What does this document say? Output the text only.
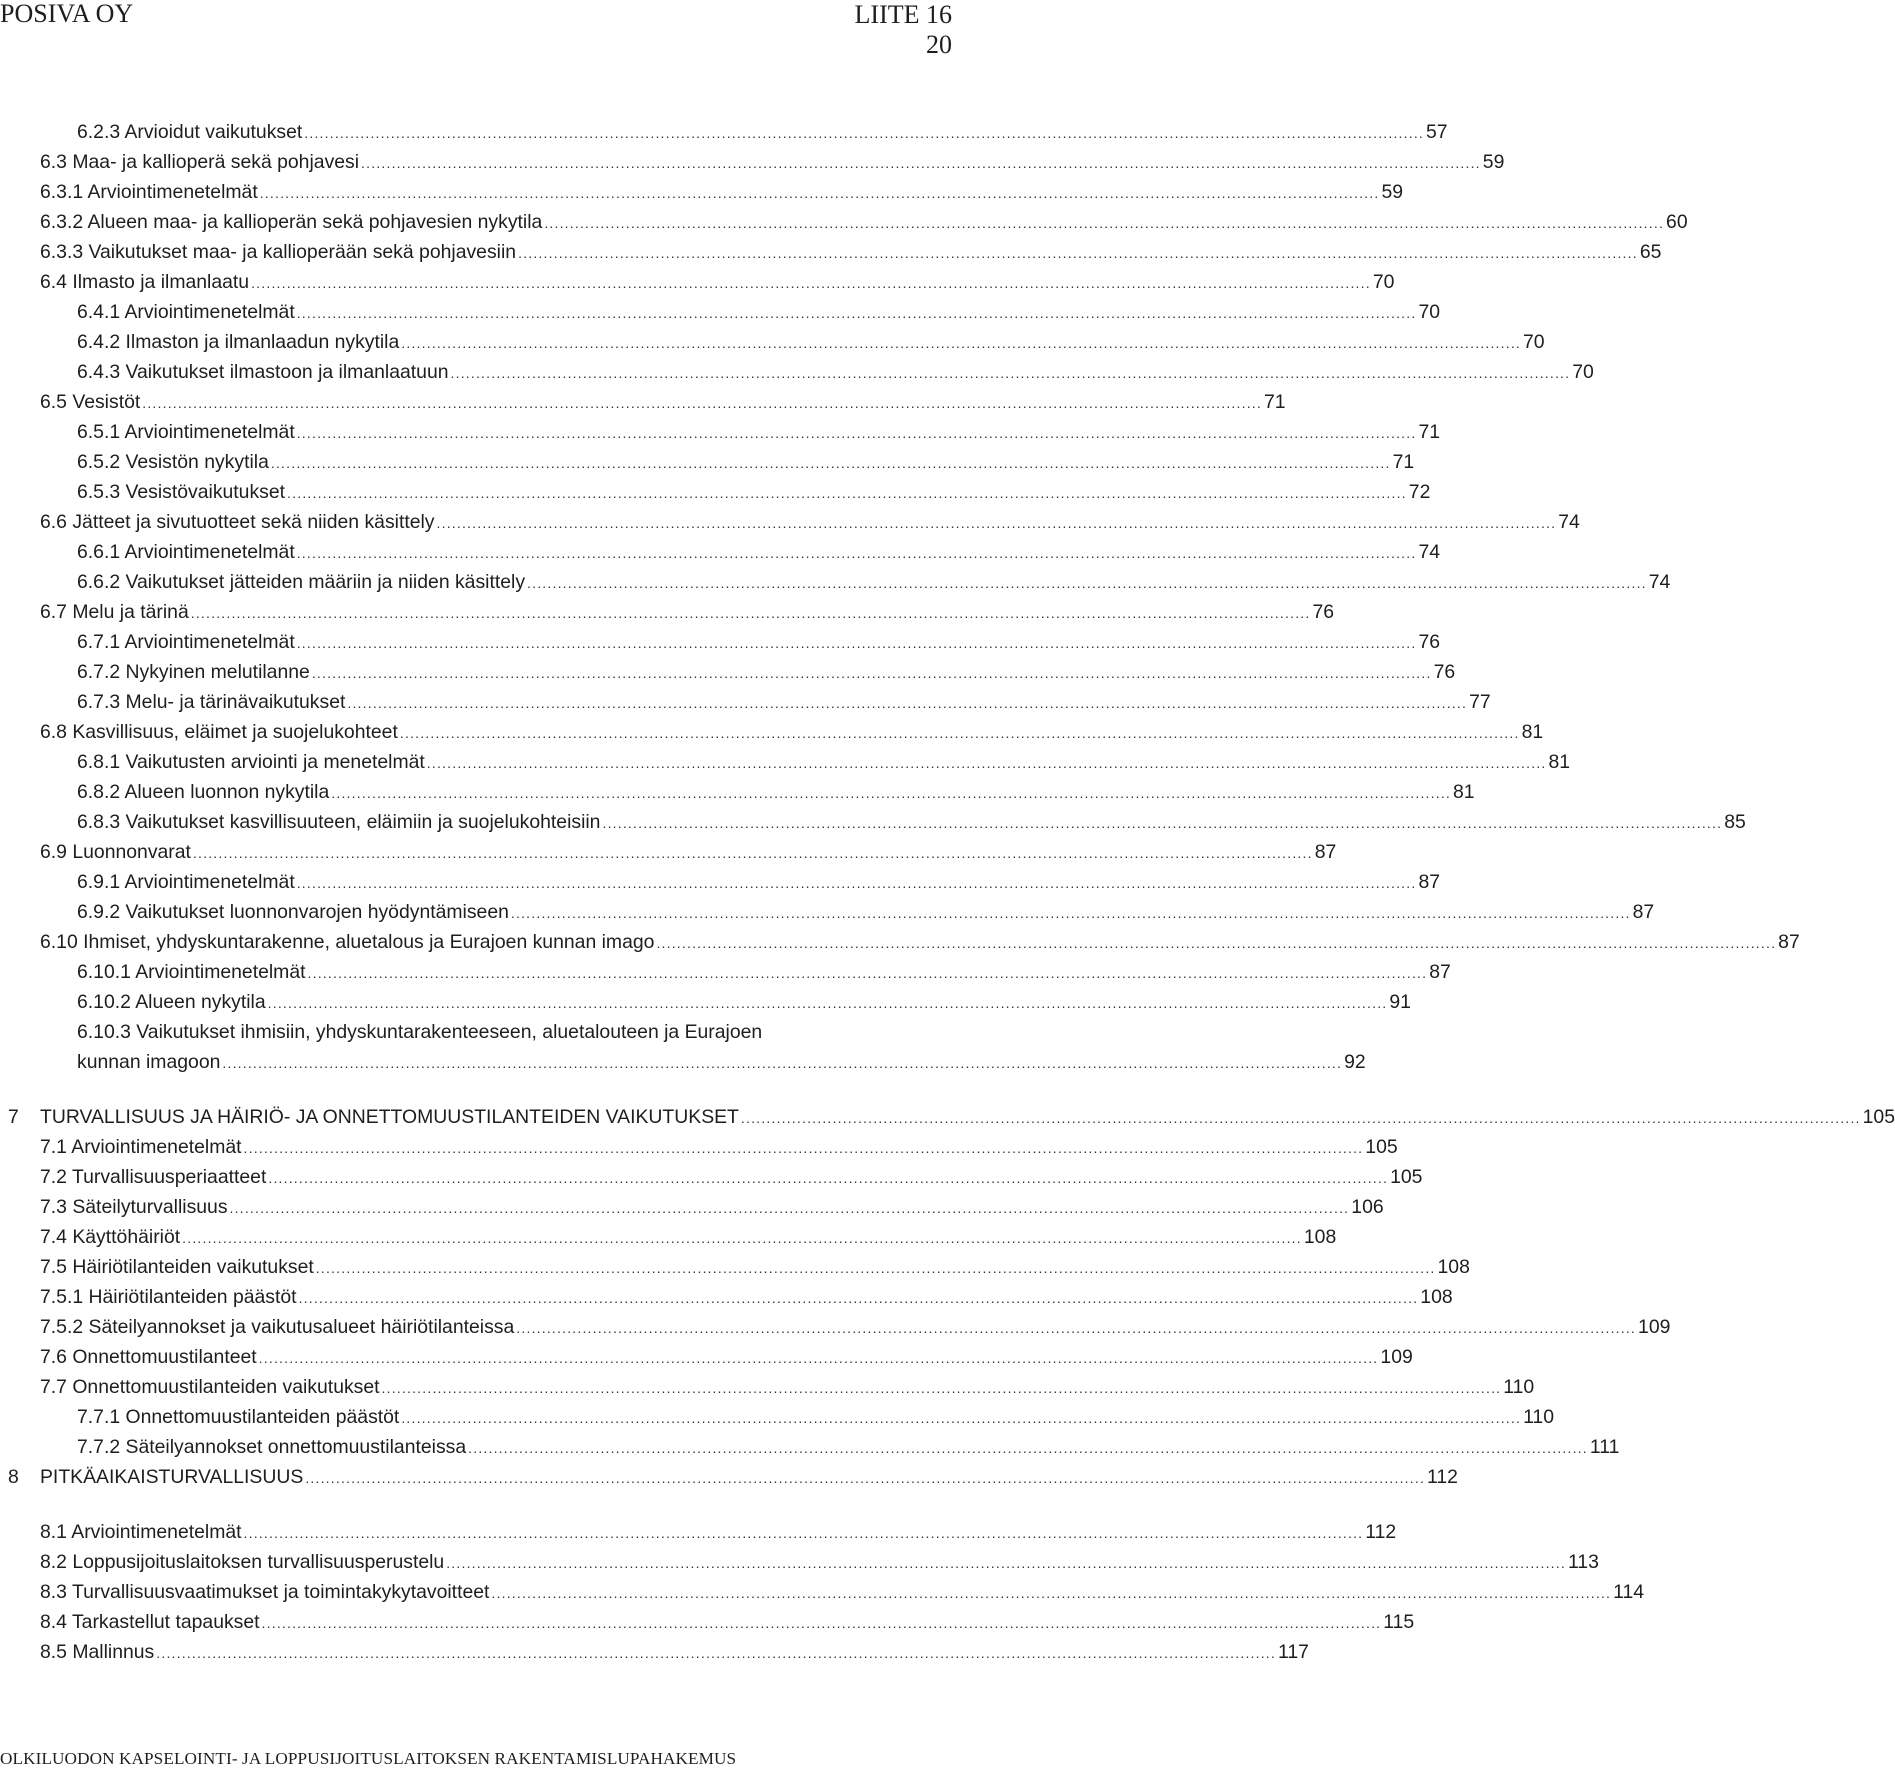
POSIVA OY	LIITE 16
20
6.2.3 Arvioidut vaikutukset ............................................................................................................................................................................................................................ 57
6.3 Maa- ja kallioperä sekä pohjavesi ............................................................................................................................................................................................................................ 59
6.3.1 Arviointimenetelmät ............................................................................................................................................................................................................................ 59
6.3.2 Alueen maa- ja kallioperän sekä pohjavesien nykytila ............................................................................................................................................................................................................................ 60
6.3.3 Vaikutukset maa- ja kallioperään sekä pohjavesiin ............................................................................................................................................................................................................................ 65
6.4 Ilmasto ja ilmanlaatu ............................................................................................................................................................................................................................ 70
6.4.1 Arviointimenetelmät ............................................................................................................................................................................................................................ 70
6.4.2 Ilmaston ja ilmanlaadun nykytila ............................................................................................................................................................................................................................ 70
6.4.3 Vaikutukset ilmastoon ja ilmanlaatuun ............................................................................................................................................................................................................................ 70
6.5 Vesistöt ............................................................................................................................................................................................................................ 71
6.5.1 Arviointimenetelmät ............................................................................................................................................................................................................................ 71
6.5.2 Vesistön nykytila ............................................................................................................................................................................................................................ 71
6.5.3 Vesistövaikutukset ............................................................................................................................................................................................................................ 72
6.6 Jätteet ja sivutuotteet sekä niiden käsittely ............................................................................................................................................................................................................................ 74
6.6.1 Arviointimenetelmät ............................................................................................................................................................................................................................ 74
6.6.2 Vaikutukset jätteiden määriin ja niiden käsittely ............................................................................................................................................................................................................................ 74
6.7 Melu ja tärinä ............................................................................................................................................................................................................................ 76
6.7.1 Arviointimenetelmät ............................................................................................................................................................................................................................ 76
6.7.2 Nykyinen melutilanne ............................................................................................................................................................................................................................ 76
6.7.3 Melu- ja tärinävaikutukset ............................................................................................................................................................................................................................ 77
6.8 Kasvillisuus, eläimet ja suojelukohteet ............................................................................................................................................................................................................................ 81
6.8.1 Vaikutusten arviointi ja menetelmät ............................................................................................................................................................................................................................ 81
6.8.2 Alueen luonnon nykytila ............................................................................................................................................................................................................................ 81
6.8.3 Vaikutukset kasvillisuuteen, eläimiin ja suojelukohteisiin ............................................................................................................................................................................................................................ 85
6.9 Luonnonvarat ............................................................................................................................................................................................................................ 87
6.9.1 Arviointimenetelmät ............................................................................................................................................................................................................................ 87
6.9.2 Vaikutukset luonnonvarojen hyödyntämiseen ............................................................................................................................................................................................................................ 87
6.10 Ihmiset, yhdyskuntarakenne, aluetalous ja Eurajoen kunnan imago ............................................................................................................................................................................................................................ 87
6.10.1 Arviointimenetelmät ............................................................................................................................................................................................................................ 87
6.10.2 Alueen nykytila ............................................................................................................................................................................................................................ 91
6.10.3 Vaikutukset ihmisiin, yhdyskuntarakenteeseen, aluetalouteen ja Eurajoen
kunnan imagoon ............................................................................................................................................................................................................................ 92
7 TURVALLISUUS JA HÄIRIÖ- JA ONNETTOMUUSTILANTEIDEN VAIKUTUKSET ............................................................................................................................................................................................................................ 105
7.1 Arviointimenetelmät ............................................................................................................................................................................................................................ 105
7.2 Turvallisuusperiaatteet ............................................................................................................................................................................................................................ 105
7.3 Säteilyturvallisuus ............................................................................................................................................................................................................................ 106
7.4 Käyttöhäiriöt ............................................................................................................................................................................................................................ 108
7.5 Häiriötilanteiden vaikutukset ............................................................................................................................................................................................................................ 108
7.5.1 Häiriötilanteiden päästöt ............................................................................................................................................................................................................................ 108
7.5.2 Säteilyannokset ja vaikutusalueet häiriötilanteissa ............................................................................................................................................................................................................................ 109
7.6 Onnettomuustilanteet ............................................................................................................................................................................................................................ 109
7.7 Onnettomuustilanteiden vaikutukset ............................................................................................................................................................................................................................ 110
7.7.1 Onnettomuustilanteiden päästöt ............................................................................................................................................................................................................................ 110
7.7.2 Säteilyannokset onnettomuustilanteissa ............................................................................................................................................................................................................................ 111
8 PITKÄAIKAISTURVALLISUUS ............................................................................................................................................................................................................................ 112
8.1 Arviointimenetelmät ............................................................................................................................................................................................................................ 112
8.2 Loppusijoituslaitoksen turvallisuusperustelu ............................................................................................................................................................................................................................ 113
8.3 Turvallisuusvaatimukset ja toimintakykytavoitteet ............................................................................................................................................................................................................................ 114
8.4 Tarkastellut tapaukset ............................................................................................................................................................................................................................ 115
8.5 Mallinnus ............................................................................................................................................................................................................................ 117
OLKILUODON KAPSELOINTI- JA LOPPUSIJOITUSLAITOKSEN RAKENTAMISLUPAHAKEMUS
